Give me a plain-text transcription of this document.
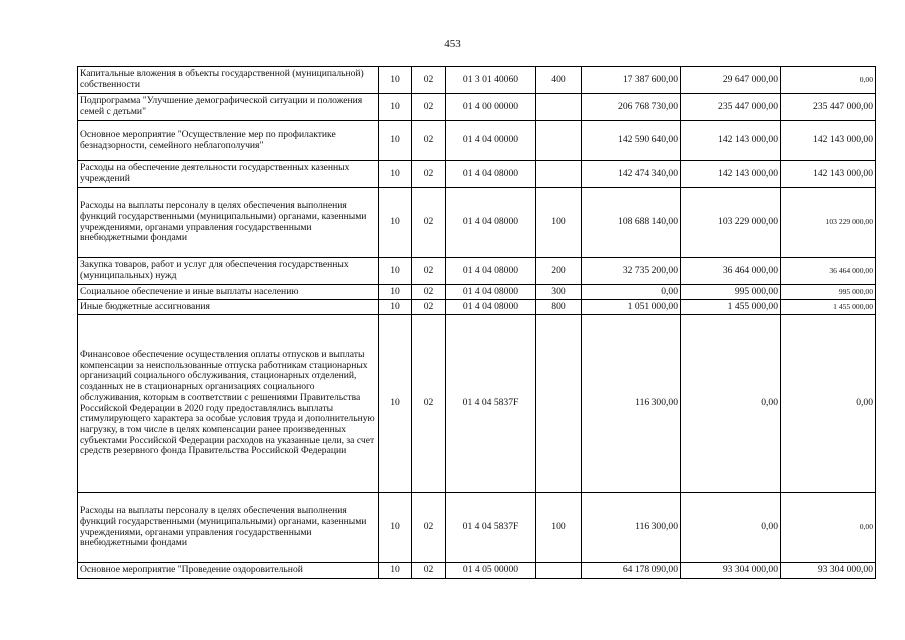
453
Капитальные вложения в объекты государственной (муниципальной) собственности	10	02	01 3 01 40060	400	17 387 600,00	29 647 000,00	0,00
Подпрограмма "Улучшение демографической ситуации и положения семей с детьми"	10	02	01 4 00 00000		206 768 730,00	235 447 000,00	235 447 000,00
Основное мероприятие "Осуществление мер по профилактике безнадзорности, семейного неблагополучия"	10	02	01 4 04 00000		142 590 640,00	142 143 000,00	142 143 000,00
Расходы на обеспечение деятельности государственных казенных учреждений	10	02	01 4 04 08000		142 474 340,00	142 143 000,00	142 143 000,00
Расходы на выплаты персоналу в целях обеспечения выполнения функций государственными (муниципальными) органами, казенными учреждениями, органами управления государственными внебюджетными фондами	10	02	01 4 04 08000	100	108 688 140,00	103 229 000,00	103 229 000,00
Закупка товаров, работ и услуг для обеспечения государственных (муниципальных) нужд	10	02	01 4 04 08000	200	32 735 200,00	36 464 000,00	36 464 000,00
Социальное обеспечение и иные выплаты населению	10	02	01 4 04 08000	300	0,00	995 000,00	995 000,00
Иные бюджетные ассигнования	10	02	01 4 04 08000	800	1 051 000,00	1 455 000,00	1 455 000,00
Финансовое обеспечение осуществления оплаты отпусков и выплаты компенсации за неиспользованные отпуска работникам стационарных организаций социального обслуживания, стационарных отделений, созданных не в стационарных организациях социального обслуживания, которым в соответствии с решениями Правительства Российской Федерации в 2020 году предоставлялись выплаты стимулирующего характера за особые условия труда и дополнительную нагрузку, в том числе в целях компенсации ранее произведенных субъектами Российской Федерации расходов на указанные цели, за счет средств резервного фонда Правительства Российской Федерации	10	02	01 4 04 5837F		116 300,00	0,00	0,00
Расходы на выплаты персоналу в целях обеспечения выполнения функций государственными (муниципальными) органами, казенными учреждениями, органами управления государственными внебюджетными фондами	10	02	01 4 04 5837F	100	116 300,00	0,00	0,00
Основное мероприятие "Проведение оздоровительной	10	02	01 4 05 00000		64 178 090,00	93 304 000,00	93 304 000,00
